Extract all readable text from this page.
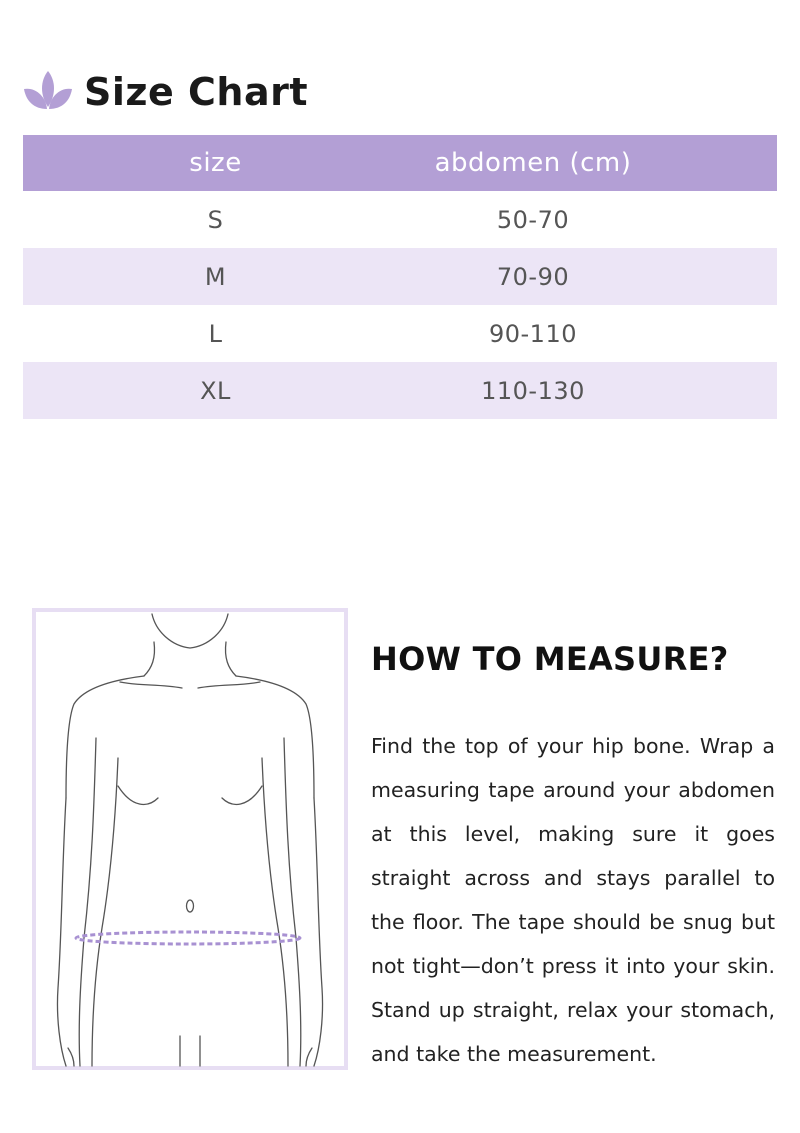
Size Chart
size	abdomen (cm)
S	50-70
M	70-90
L	90-110
XL	110-130
HOW TO MEASURE?
Find the top of your hip bone. Wrap a measuring tape around your abdomen at this level, making sure it goes straight across and stays parallel to the floor. The tape should be snug but not tight—don’t press it into your skin. Stand up straight, relax your stomach, and take the measurement.
